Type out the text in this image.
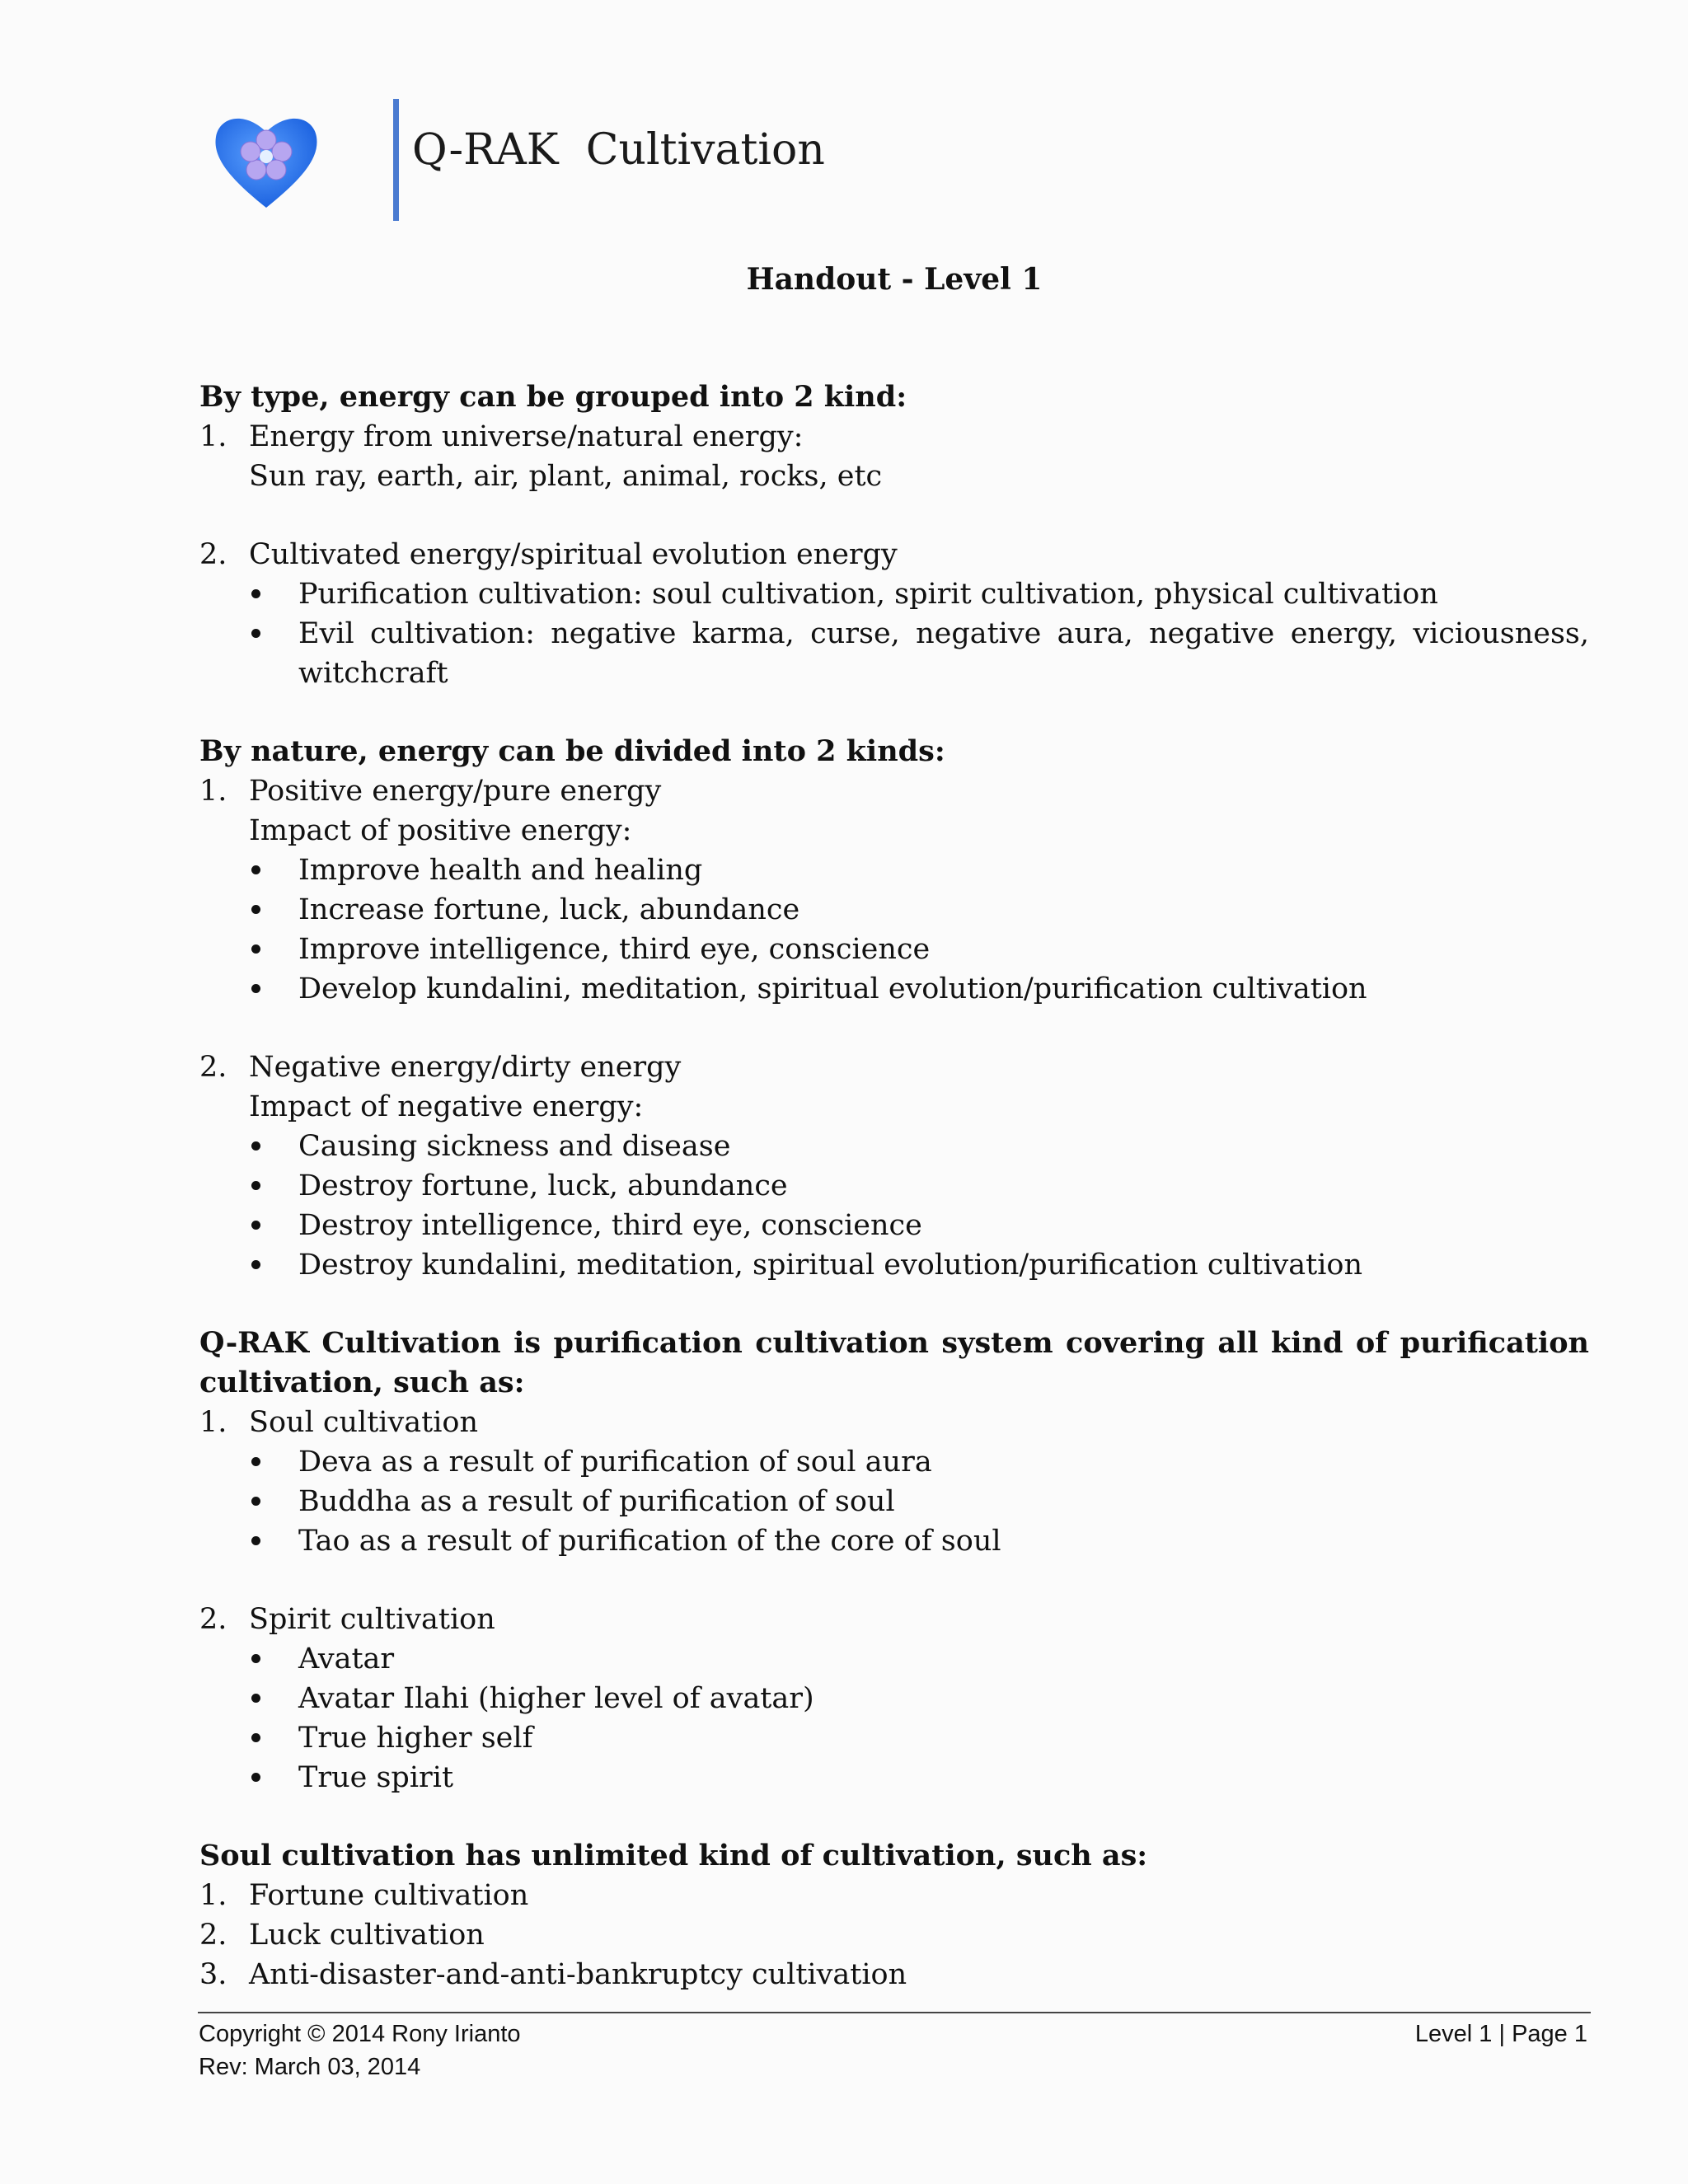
Q-RAK  Cultivation
Handout - Level 1
By type, energy can be grouped into 2 kind:
1. Energy from universe/natural energy:
Sun ray, earth, air, plant, animal, rocks, etc
2. Cultivated energy/spiritual evolution energy
Purification cultivation: soul cultivation, spirit cultivation, physical cultivation
Evil cultivation: negative karma, curse, negative aura, negative energy, viciousness, witchcraft
By nature, energy can be divided into 2 kinds:
1. Positive energy/pure energy
Impact of positive energy:
Improve health and healing
Increase fortune, luck, abundance
Improve intelligence, third eye, conscience
Develop kundalini, meditation, spiritual evolution/purification cultivation
2. Negative energy/dirty energy
Impact of negative energy:
Causing sickness and disease
Destroy fortune, luck, abundance
Destroy intelligence, third eye, conscience
Destroy kundalini, meditation, spiritual evolution/purification cultivation
Q-RAK Cultivation is purification cultivation system covering all kind of purification cultivation, such as:
1. Soul cultivation
Deva as a result of purification of soul aura
Buddha as a result of purification of soul
Tao as a result of purification of the core of soul
2. Spirit cultivation
Avatar
Avatar Ilahi (higher level of avatar)
True higher self
True spirit
Soul cultivation has unlimited kind of cultivation, such as:
1. Fortune cultivation
2. Luck cultivation
3. Anti-disaster-and-anti-bankruptcy cultivation
Copyright © 2014 Rony Irianto
Rev: March 03, 2014
Level 1 | Page 1
